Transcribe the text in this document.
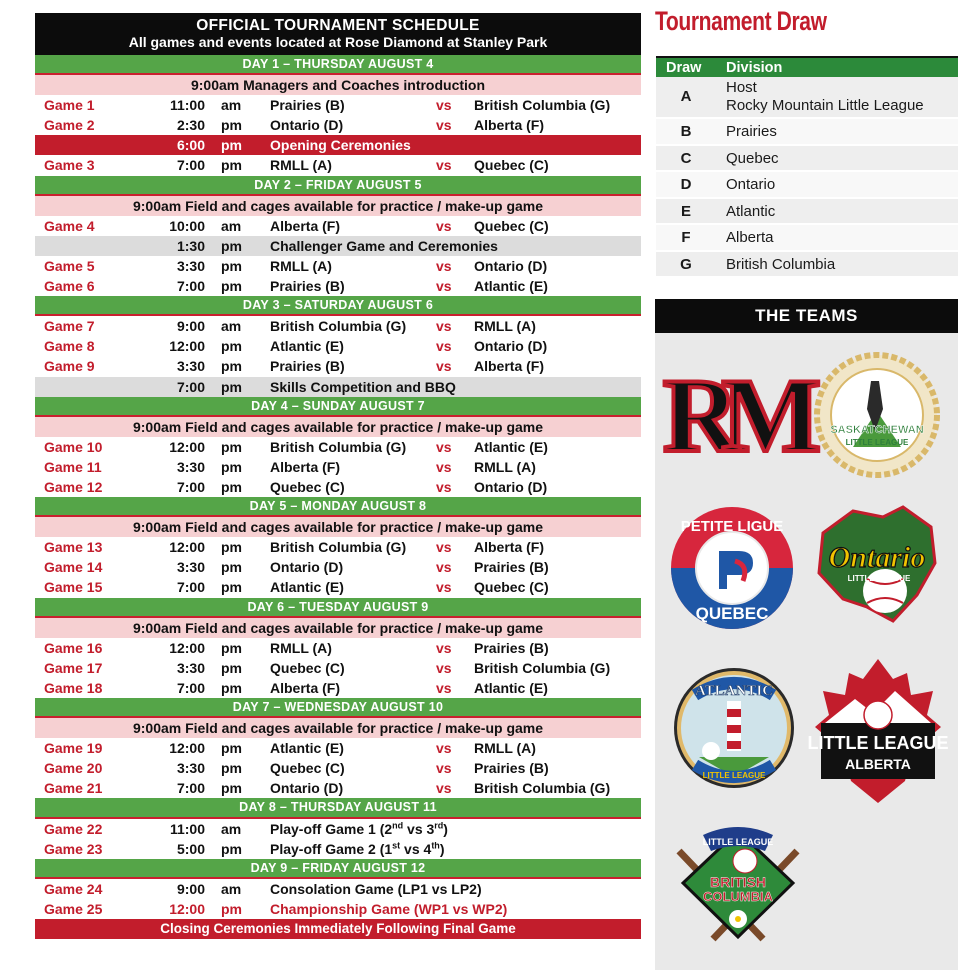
OFFICIAL TOURNAMENT SCHEDULE
All games and events located at Rose Diamond at Stanley Park
DAY 1 – THURSDAY AUGUST 4
9:00am Managers and Coaches introduction
Game 1	11:00 am Prairies (B)	vs British Columbia (G)
Game 2	2:30 pm Ontario (D)	vs Alberta (F)
6:00 pm Opening Ceremonies
Game 3	7:00 pm RMLL (A)	vs Quebec (C)
DAY 2 – FRIDAY AUGUST 5
9:00am Field and cages available for practice / make-up game
Game 4	10:00 am Alberta (F)	vs Quebec (C)
1:30 pm Challenger Game and Ceremonies
Game 5	3:30 pm RMLL (A)	vs Ontario (D)
Game 6	7:00 pm Prairies (B)	vs Atlantic (E)
DAY 3 – SATURDAY AUGUST 6
Game 7	9:00 am British Columbia (G) vs RMLL (A)
Game 8	12:00 pm Atlantic (E)	vs Ontario (D)
Game 9	3:30 pm Prairies (B)	vs Alberta (F)
7:00 pm Skills Competition and BBQ
DAY 4 – SUNDAY AUGUST 7
9:00am Field and cages available for practice / make-up game
Game 10	12:00 pm British Columbia (G) vs Atlantic (E)
Game 11	3:30 pm Alberta (F)	vs RMLL (A)
Game 12	7:00 pm Quebec (C)	vs Ontario (D)
DAY 5 – MONDAY AUGUST 8
9:00am Field and cages available for practice / make-up game
Game 13	12:00 pm British Columbia (G) vs Alberta (F)
Game 14	3:30 pm Ontario (D)	vs Prairies (B)
Game 15	7:00 pm Atlantic (E)	vs Quebec (C)
DAY 6 – TUESDAY AUGUST 9
9:00am Field and cages available for practice / make-up game
Game 16	12:00 pm RMLL (A)	vs Prairies (B)
Game 17	3:30 pm Quebec (C)	vs British Columbia (G)
Game 18	7:00 pm Alberta (F)	vs Atlantic (E)
DAY 7 – WEDNESDAY AUGUST 10
9:00am Field and cages available for practice / make-up game
Game 19	12:00 pm Atlantic (E)	vs RMLL (A)
Game 20	3:30 pm Quebec (C)	vs Prairies (B)
Game 21	7:00 pm Ontario (D)	vs British Columbia (G)
DAY 8 – THURSDAY AUGUST 11
Game 22	11:00 am Play-off Game 1 (2nd vs 3rd)
Game 23	5:00 pm Play-off Game 2 (1st vs 4th)
DAY 9 – FRIDAY AUGUST 12
Game 24	9:00 am Consolation Game (LP1 vs LP2)
Game 25	12:00 pm Championship Game (WP1 vs WP2)
Closing Ceremonies Immediately Following Final Game
Tournament Draw
Draw Division
A
Host
Rocky Mountain Little League
B	Prairies
C	Quebec
D	Ontario
E	Atlantic
F	Alberta
G British Columbia
THE TEAMS
RM	SASKATCHEWAN
LITTLE LEAGUE
PETITE LIGUE
QUEBEC
Ontario
LITTLE LEAGUE
ATLANTIC
LITTLE LEAGUE
LITTLE LEAGUE
ALBERTA
LITTLE LEAGUE
BRITISH
COLUMBIA
